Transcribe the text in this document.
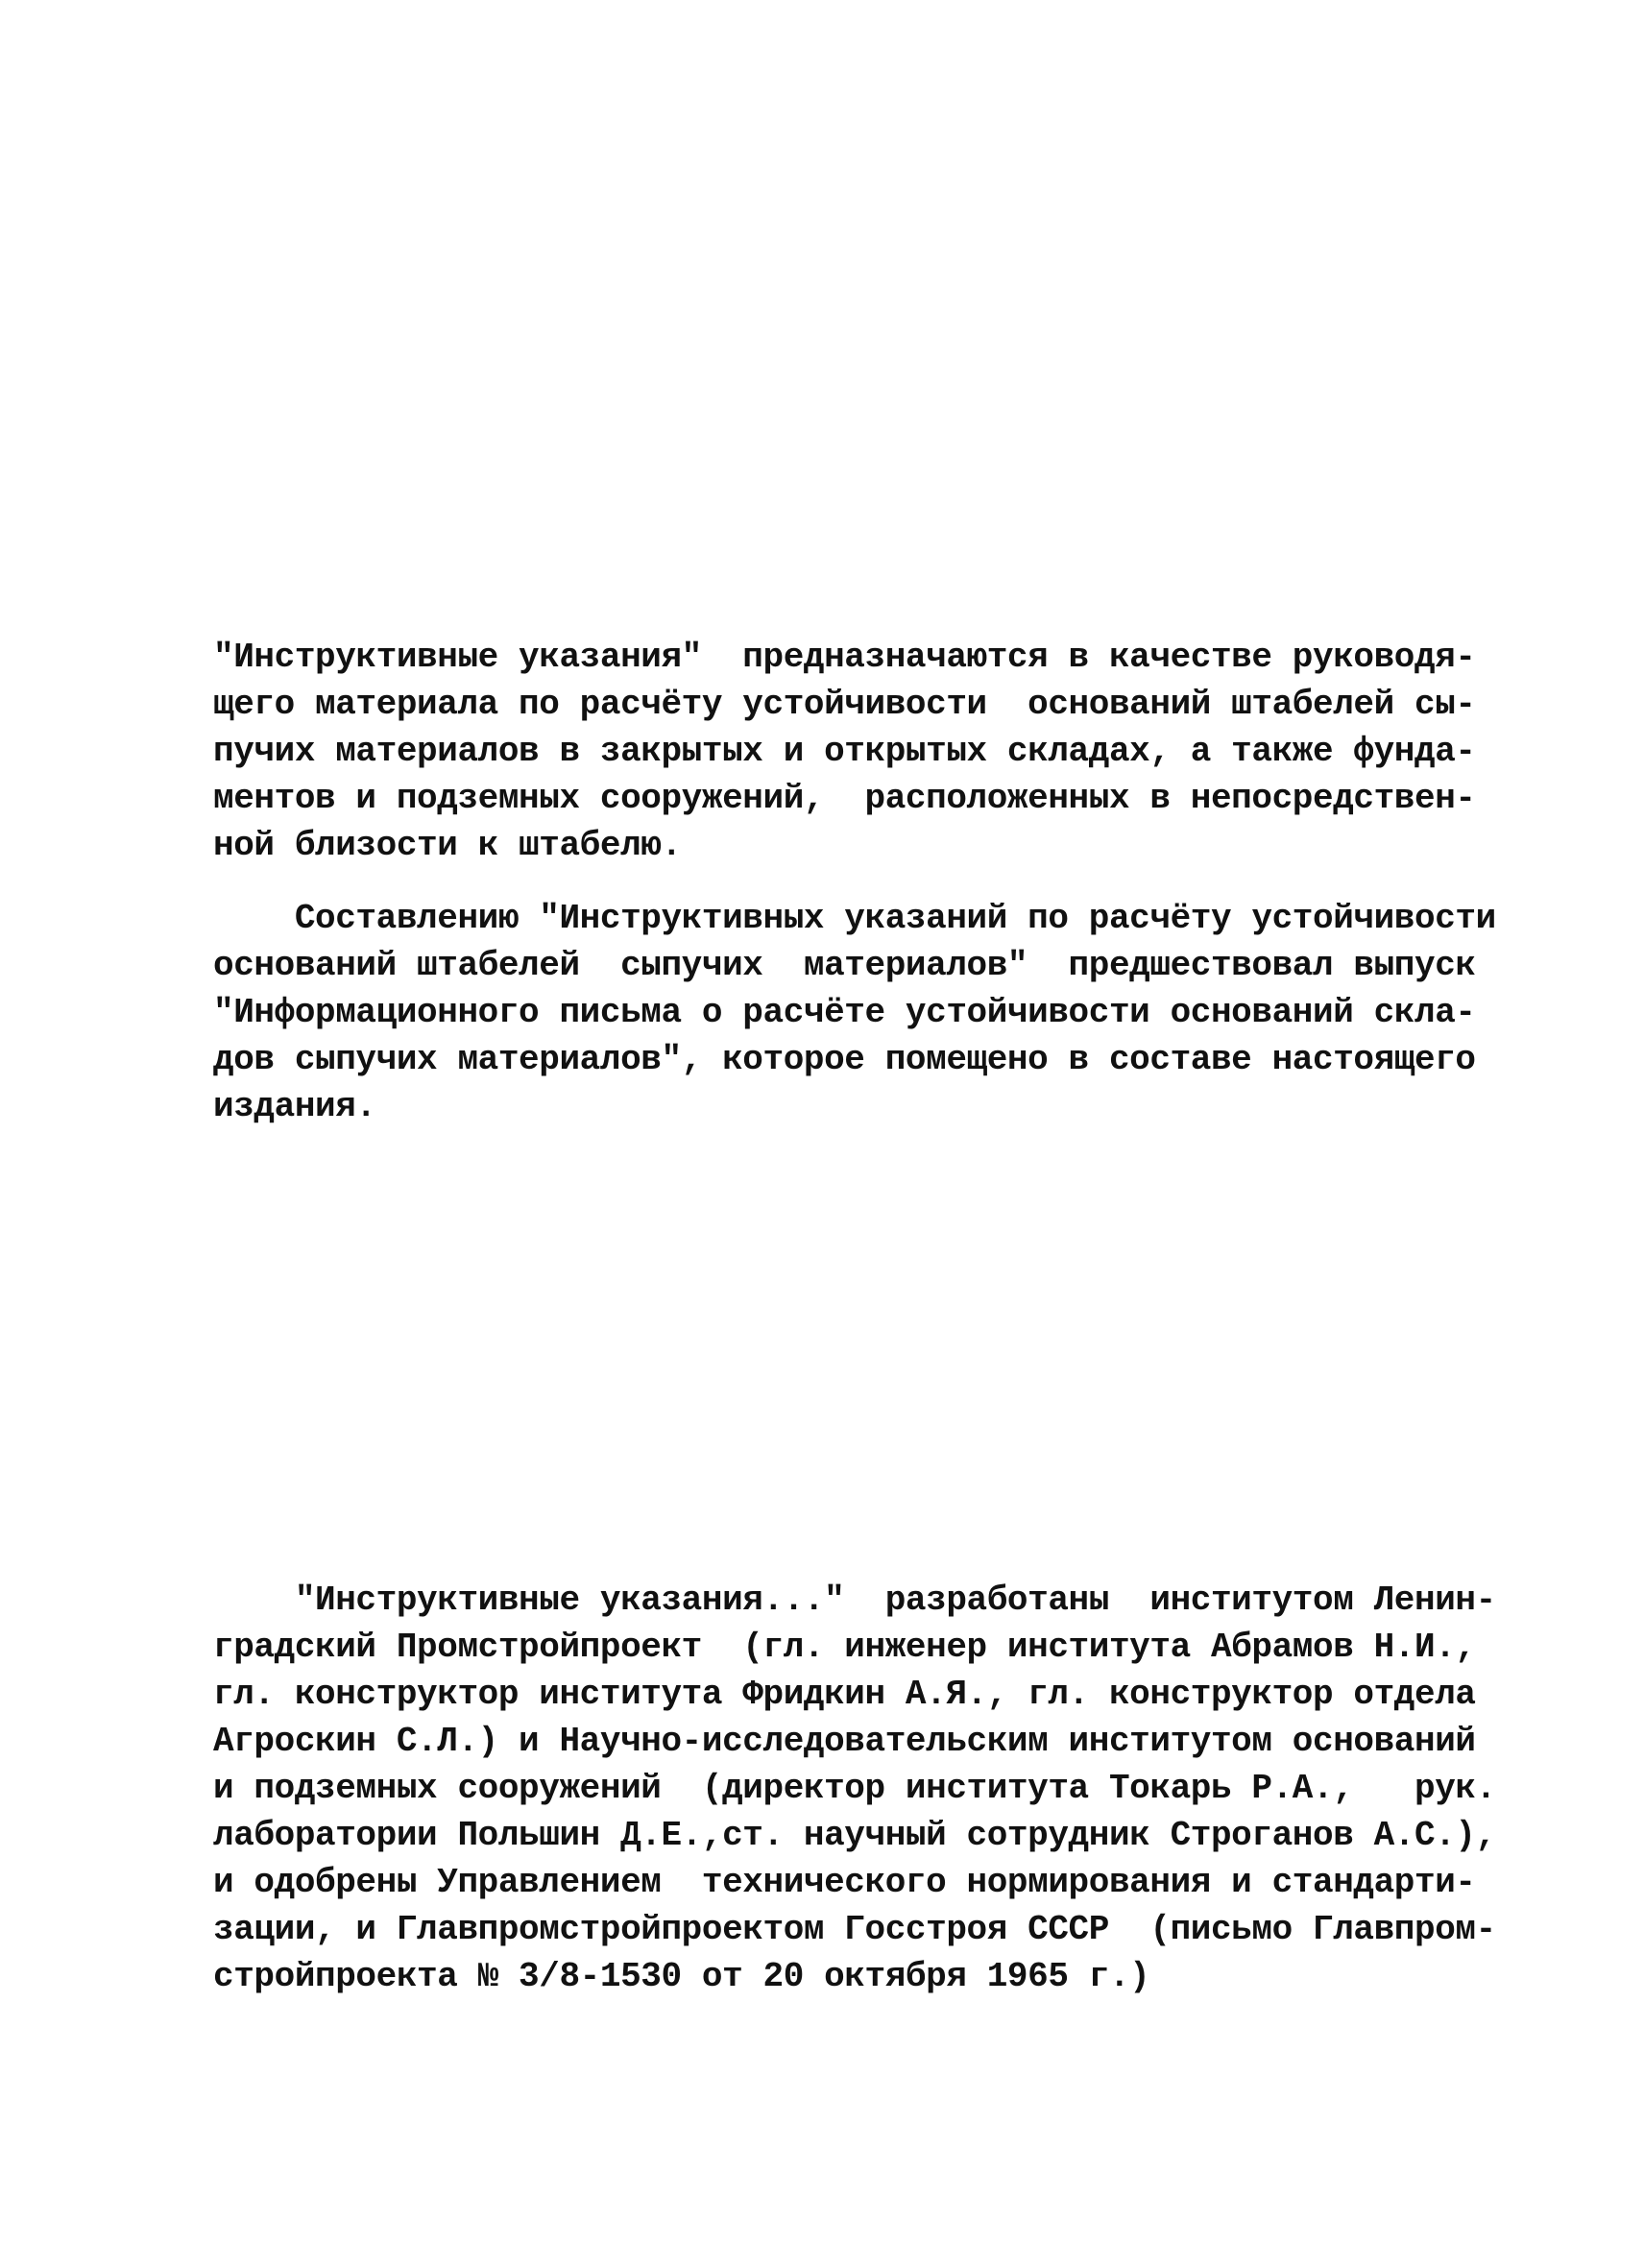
"Инструктивные указания"  предназначаются в качестве руководя-
щего материала по расчёту устойчивости  оснований штабелей сы-
пучих материалов в закрытых и открытых складах, а также фунда-
ментов и подземных сооружений,  расположенных в непосредствен-
ной близости к штабелю.
Составлению "Инструктивных указаний по расчёту устойчивости
оснований штабелей  сыпучих  материалов"  предшествовал выпуск
"Информационного письма о расчёте устойчивости оснований скла-
дов сыпучих материалов", которое помещено в составе настоящего
издания.
"Инструктивные указания..."  разработаны  институтом Ленин-
градский Промстройпроект  (гл. инженер института Абрамов Н.И.,
гл. конструктор института Фридкин А.Я., гл. конструктор отдела
Агроскин С.Л.) и Научно-исследовательским институтом оснований
и подземных сооружений  (директор института Токарь Р.А.,   рук.
лаборатории Польшин Д.Е.,ст. научный сотрудник Строганов А.С.),
и одобрены Управлением  технического нормирования и стандарти-
зации, и Главпромстройпроектом Госстроя СССР  (письмо Главпром-
стройпроекта № 3/8-1530 от 20 октября 1965 г.)
